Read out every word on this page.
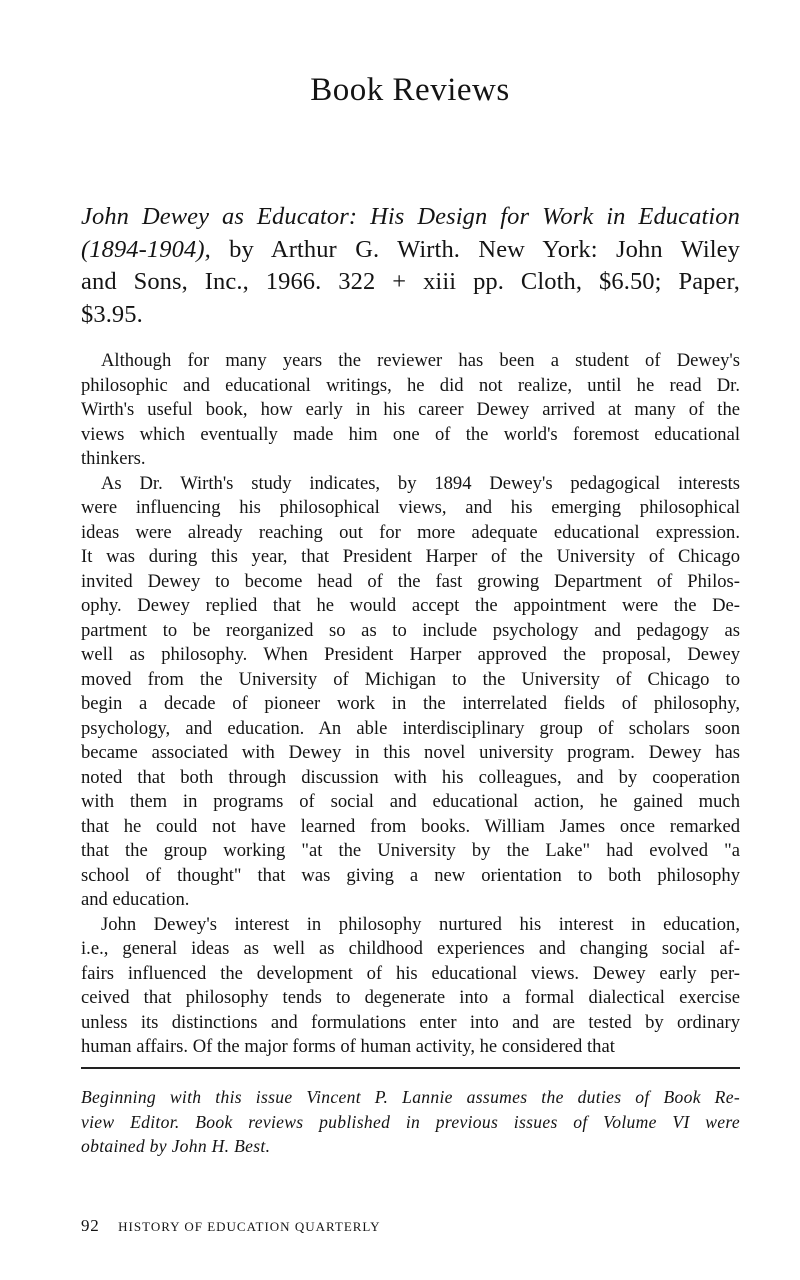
Book Reviews
John Dewey as Educator: His Design for Work in Education
(1894-1904), by Arthur G. Wirth. New York: John Wiley
and Sons, Inc., 1966. 322 + xiii pp. Cloth, $6.50; Paper,
$3.95.
Although for many years the reviewer has been a student of Dewey's
philosophic and educational writings, he did not realize, until he read Dr.
Wirth's useful book, how early in his career Dewey arrived at many of the
views which eventually made him one of the world's foremost educational
thinkers.
As Dr. Wirth's study indicates, by 1894 Dewey's pedagogical interests
were influencing his philosophical views, and his emerging philosophical
ideas were already reaching out for more adequate educational expression.
It was during this year, that President Harper of the University of Chicago
invited Dewey to become head of the fast growing Department of Philos-
ophy. Dewey replied that he would accept the appointment were the De-
partment to be reorganized so as to include psychology and pedagogy as
well as philosophy. When President Harper approved the proposal, Dewey
moved from the University of Michigan to the University of Chicago to
begin a decade of pioneer work in the interrelated fields of philosophy,
psychology, and education. An able interdisciplinary group of scholars soon
became associated with Dewey in this novel university program. Dewey has
noted that both through discussion with his colleagues, and by cooperation
with them in programs of social and educational action, he gained much
that he could not have learned from books. William James once remarked
that the group working "at the University by the Lake" had evolved "a
school of thought" that was giving a new orientation to both philosophy
and education.
John Dewey's interest in philosophy nurtured his interest in education,
i.e., general ideas as well as childhood experiences and changing social af-
fairs influenced the development of his educational views. Dewey early per-
ceived that philosophy tends to degenerate into a formal dialectical exercise
unless its distinctions and formulations enter into and are tested by ordinary
human affairs. Of the major forms of human activity, he considered that
Beginning with this issue Vincent P. Lannie assumes the duties of Book Re-
view Editor. Book reviews published in previous issues of Volume VI were
obtained by John H. Best.
92 HISTORY OF EDUCATION QUARTERLY
